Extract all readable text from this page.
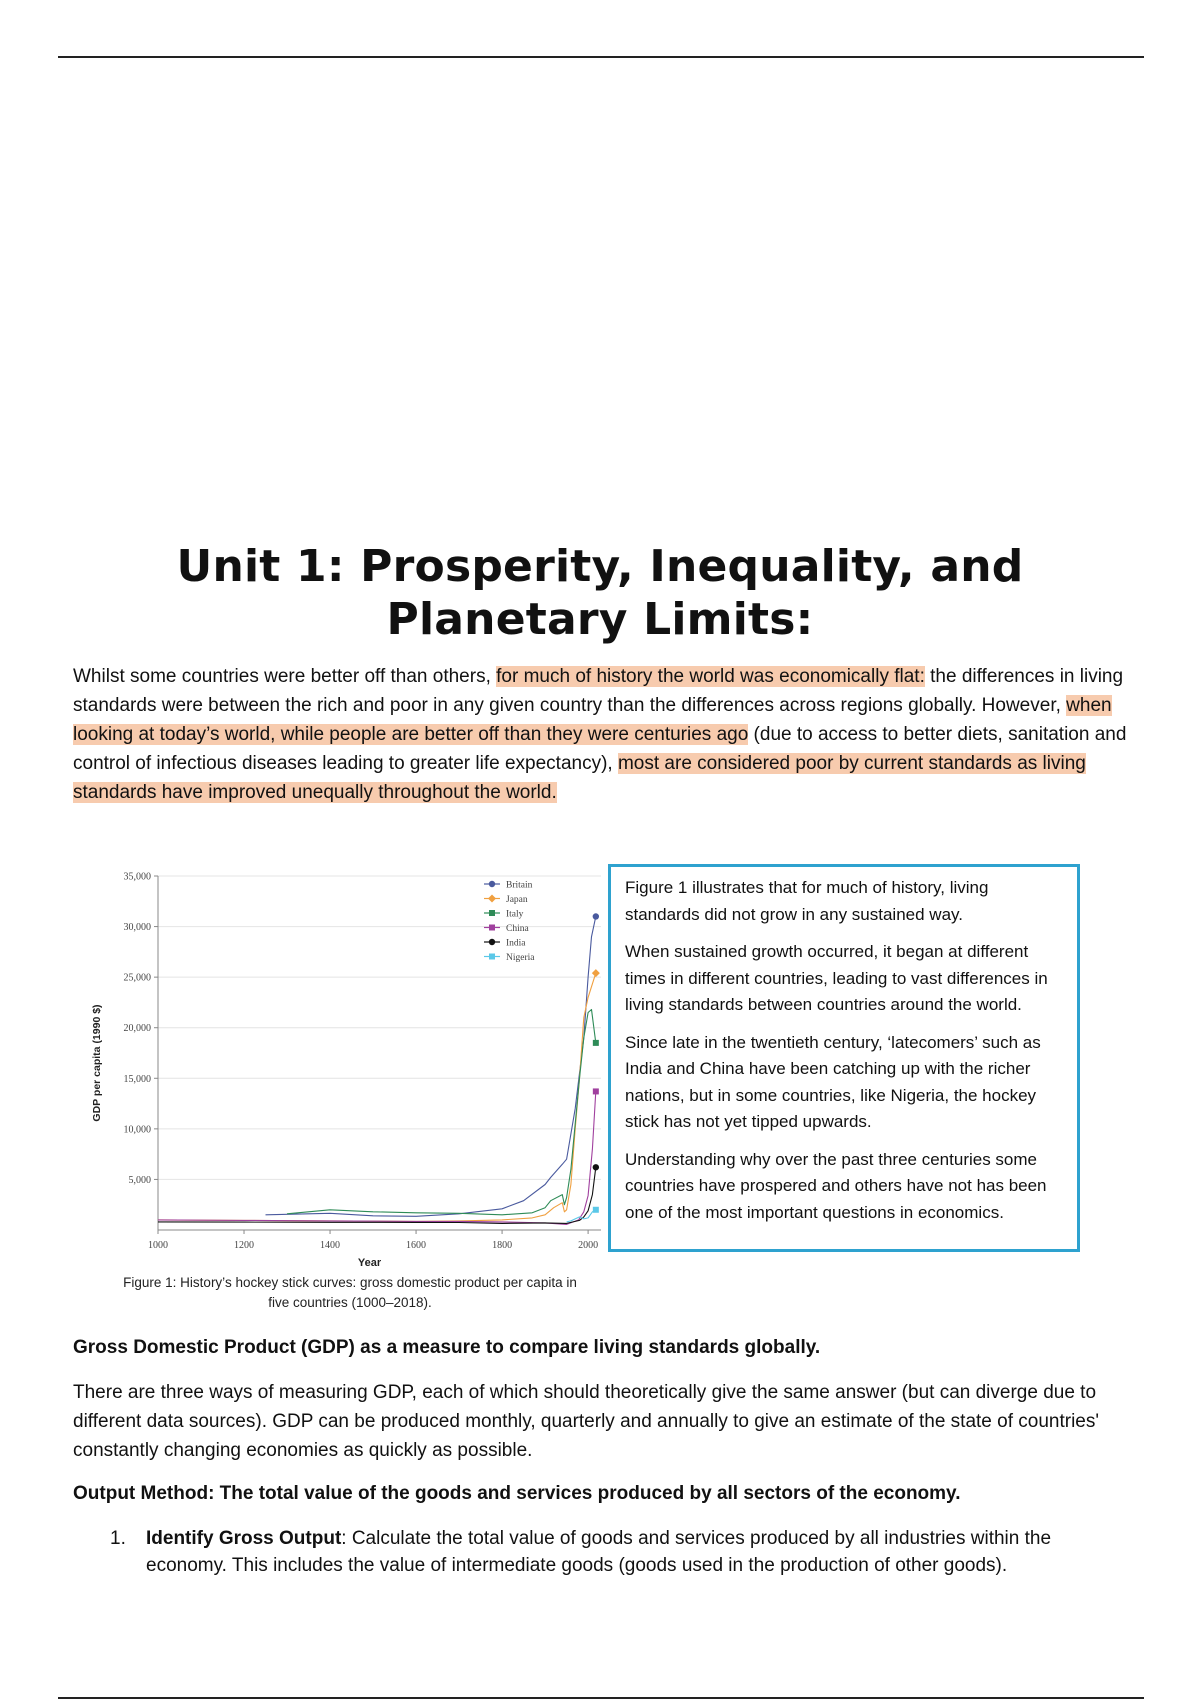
Unit 1: Prosperity, Inequality, and Planetary Limits:

Whilst some countries were better off than others, for much of history the world was economically flat: the differences in living standards were between the rich and poor in any given country than the differences across regions globally. However, when looking at today’s world, while people are better off than they were centuries ago (due to access to better diets, sanitation and control of infectious diseases leading to greater life expectancy), most are considered poor by current standards as living standards have improved unequally throughout the world.

5,000
10,000
15,000
20,000
25,000
30,000
35,000
1000	1200	1400	1600	1800	2000
Year
GDP per capita (1990 $)
Britain
Japan
Italy
China
India
Nigeria

Figure 1: History’s hockey stick curves: gross domestic product per capita in five countries (1000–2018).

Figure 1 illustrates that for much of history, living standards did not grow in any sustained way.

When sustained growth occurred, it began at different times in different countries, leading to vast differences in living standards between countries around the world.

Since late in the twentieth century, ‘latecomers’ such as India and China have been catching up with the richer nations, but in some countries, like Nigeria, the hockey stick has not yet tipped upwards.

Understanding why over the past three centuries some countries have prospered and others have not has been one of the most important questions in economics.

Gross Domestic Product (GDP) as a measure to compare living standards globally.

There are three ways of measuring GDP, each of which should theoretically give the same answer (but can diverge due to different data sources). GDP can be produced monthly, quarterly and annually to give an estimate of the state of countries' constantly changing economies as quickly as possible.

Output Method: The total value of the goods and services produced by all sectors of the economy.

1. Identify Gross Output: Calculate the total value of goods and services produced by all industries within the economy. This includes the value of intermediate goods (goods used in the production of other goods).
